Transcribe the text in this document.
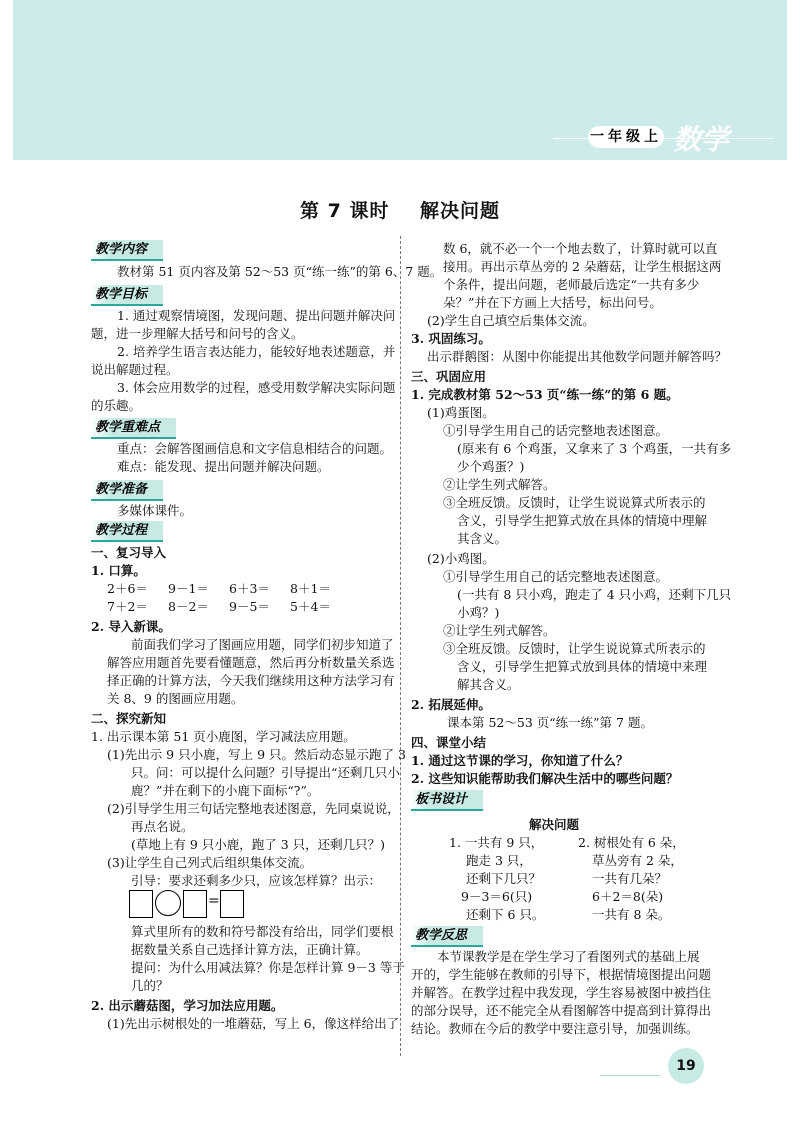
一年级上 数学
第 7 课时    解决问题
教学内容
教材第 51 页内容及第 52～53 页“练一练”的第 6、7 题。
教学目标
1. 通过观察情境图，发现问题、提出问题并解决问
题，进一步理解大括号和问号的含义。
2. 培养学生语言表达能力，能较好地表述题意，并
说出解题过程。
3. 体会应用数学的过程，感受用数学解决实际问题
的乐趣。
教学重难点
重点：会解答图画信息和文字信息相结合的问题。
难点：能发现、提出问题并解决问题。
教学准备
多媒体课件。
教学过程
一、复习导入
1. 口算。
2＋6＝ 9－1＝ 6＋3＝ 8＋1＝
7＋2＝ 8－2＝ 9－5＝ 5＋4＝
2. 导入新课。
前面我们学习了图画应用题，同学们初步知道了
解答应用题首先要看懂题意，然后再分析数量关系选
择正确的计算方法，今天我们继续用这种方法学习有
关 8、9 的图画应用题。
二、探究新知
1. 出示课本第 51 页小鹿图，学习减法应用题。
(1)先出示 9 只小鹿，写上 9 只。然后动态显示跑了 3
只。问：可以提什么问题？引导提出“还剩几只小
鹿？”并在剩下的小鹿下面标“?”。
(2)引导学生用三句话完整地表述图意，先同桌说说，
再点名说。
(草地上有 9 只小鹿，跑了 3 只，还剩几只？)
(3)让学生自己列式后组织集体交流。
引导：要求还剩多少只，应该怎样算？出示：
=
算式里所有的数和符号都没有给出，同学们要根
据数量关系自己选择计算方法，正确计算。
提问：为什么用减法算？你是怎样计算 9－3 等于
几的？
2. 出示蘑菇图，学习加法应用题。
(1)先出示树根处的一堆蘑菇，写上 6，像这样给出了
数 6，就不必一个一个地去数了，计算时就可以直
接用。再出示草丛旁的 2 朵蘑菇，让学生根据这两
个条件，提出问题，老师最后选定“一共有多少
朵？”并在下方画上大括号，标出问号。
(2)学生自己填空后集体交流。
3. 巩固练习。
出示群鹅图：从图中你能提出其他数学问题并解答吗？
三、巩固应用
1. 完成教材第 52～53 页“练一练”的第 6 题。
(1)鸡蛋图。
①引导学生用自己的话完整地表述图意。
(原来有 6 个鸡蛋，又拿来了 3 个鸡蛋，一共有多
少个鸡蛋？)
②让学生列式解答。
③全班反馈。反馈时，让学生说说算式所表示的
含义，引导学生把算式放在具体的情境中理解
其含义。
(2)小鸡图。
①引导学生用自己的话完整地表述图意。
(一共有 8 只小鸡，跑走了 4 只小鸡，还剩下几只
小鸡？)
②让学生列式解答。
③全班反馈。反馈时，让学生说说算式所表示的
含义，引导学生把算式放到具体的情境中来理
解其含义。
2. 拓展延伸。
课本第 52～53 页“练一练”第 7 题。
四、课堂小结
1. 通过这节课的学习，你知道了什么？
2. 这些知识能帮助我们解决生活中的哪些问题？
板书设计
解决问题
1. 一共有 9 只，
跑走 3 只，
还剩下几只？
9－3＝6(只)
还剩下 6 只。
2. 树根处有 6 朵，
草丛旁有 2 朵，
一共有几朵？
6＋2＝8(朵)
一共有 8 朵。
教学反思
本节课教学是在学生学习了看图列式的基础上展
开的，学生能够在教师的引导下，根据情境图提出问题
并解答。在教学过程中我发现，学生容易被图中被挡住
的部分误导，还不能完全从看图解答中提高到计算得出
结论。教师在今后的教学中要注意引导，加强训练。
19
